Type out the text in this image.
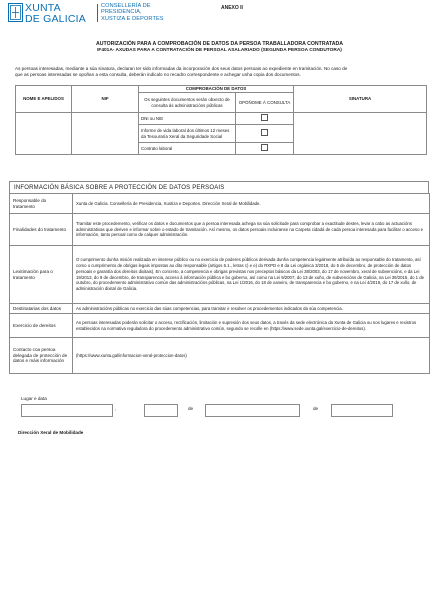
XUNTA
DE GALICIA
CONSELLERÍA DE
PRESIDENCIA,
XUSTIZA E DEPORTES
ANEXO II
AUTORIZACIÓN PARA A COMPROBACIÓN DE DATOS DA PERSOA TRABALLADORA CONTRATADA
IF401A- AXUDAS PARA A CONTRATACIÓN DE PERSOAL ASALARIADO (SEGUNDA PERSOA CONDUTORA)
As persoas interesadas, mediante a súa sinatura, declaran ter sido informadas da incorporación dos seus datos persoais ao expediente en tramitación. No caso de
que as persoas interesadas se opoñan a esta consulta, deberán indicalo no recadro correspondente e achegar unha copia dos documentos.
NOME E APELIDOS	NIF	COMPROBACIÓN DE DATOS		SINATURA
		Os seguintes documentos serán obxecto de consulta ás administracións públicas	OPÓÑOME Á CONSULTA	
		DNI ou NIE		
		Informe de vida laboral dos últimos 12 meses da Tesouraría Xeral da Seguridade Social		
		Contrato laboral		
INFORMACIÓN BÁSICA SOBRE A PROTECCIÓN DE DATOS PERSOAIS
Responsable do tratamento	Xunta de Galicia. Consellería de Presidencia, Xustiza e Deportes. Dirección Xeral de Mobilidade.
Finalidades do tratamento	Tramitar este procedemento, verificar os datos e documentos que a persoa interesada achega na súa solicitude para comprobar a exactitude destes, levar a cabo as actuacións administrativas que deriven e informar sobre o estado de tramitación. Así mesmo, os datos persoais incluiranse na Carpeta cidadá de cada persoa interesada para facilitar o acceso e información, tanto persoal como de calquer administración.
Lexitimación para o tratamento	O cumprimento dunha misión realizada en interese público ou no exercicio de poderes públicos derivada dunha competencia legalmente atribuída ao responsable do tratamento, así como o cumprimento de obrigas legais impostas ao dito responsable (artigos 6.1., letras c) e e) do RXPD e 8 da Lei orgánica 3/2018, do 5 de decembro, de protección de datos persoais e garantía dos dereitos dixitais). En concreto, a competencia e obrigas previstas nos preceptos básicos da Lei 38/2003, do 17 de novembro, xeral de subvencións, e da Lei 19/2013, do 9 de decembro, de transparencia, acceso á información pública e bo goberno, así como na Lei 9/2007, do 13 de xuño, de subvencións de Galicia, na Lei 39/2015, do 1 de outubro, do procedemento administrativo común das administracións públicas, na Lei 1/2016, do 18 de xaneiro, de transparencia e bo goberno, e na Lei 4/2019, do 17 de xullo, de administración dixital de Galicia.
Destinatarias dos datos	As administracións públicas no exercicio das súas competencias, para tramitar e resolver os procedementos indicados da súa competencia.
Exercicio de dereitos	As persoas interesadas poderán solicitar o acceso, rectificación, limitación e supresión dos seus datos, a través da sede electrónica da Xunta de Galicia ou nos lugares e rexistros establecidos na normativa reguladora do procedemento administrativo común, segundo se recolle en (https://www.sede.xunta.gal/exercicio-de-dereitos).
Contacto coa persoa delegada de protección de datos e máis información	(https://www.xunta.gal/informacion-xeral-proteccion-datos)
Lugar e data
,	de	de
Dirección Xeral de Mobilidade
